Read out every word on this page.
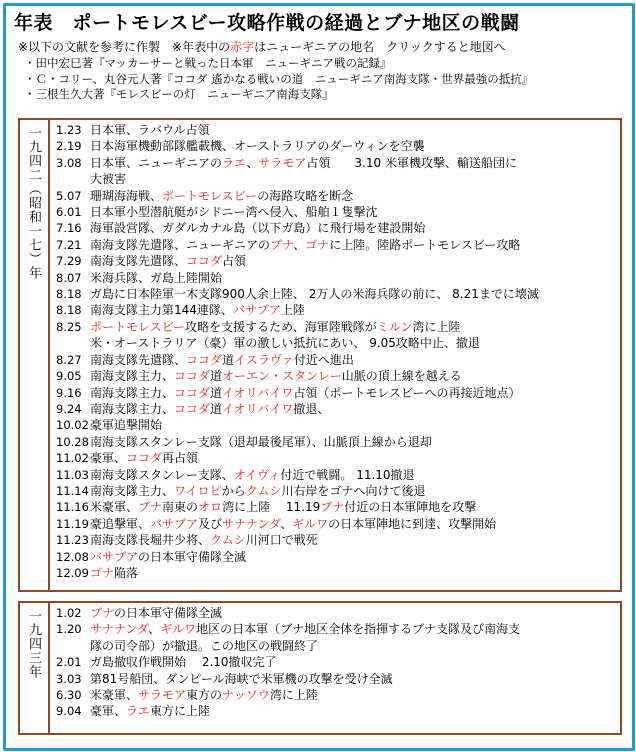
年表　ポートモレスビー攻略作戦の経過とブナ地区の戦闘
※以下の文献を参考に作製　※年表中の赤字はニューギニアの地名　クリックすると地図へ
・田中宏巳著『マッカーサーと戦った日本軍　ニューギニア戦の記録』
・Ｃ・コリー、丸谷元人著『ココダ 遙かなる戦いの道　ニューギニア南海支隊・世界最強の抵抗』
・三根生久大著『モレスビーの灯　ニューギニア南海支隊』
一九四二（昭和一七）年 1.23 日本軍、ラバウル占領
2.19 日本海軍機動部隊艦載機、オーストラリアのダーウィンを空襲
3.08 日本軍、ニューギニアのラエ、サラモア占領　　3.10 米軍機攻撃、輸送船団に
大被害
5.07 珊瑚海海戦、ポートモレスビーの海路攻略を断念
6.01 日本軍小型潜航艇がシドニー湾へ侵入、船舶１隻撃沈
7.16 海軍設営隊、ガダルカナル島（以下ガ島）に飛行場を建設開始
7.21 南海支隊先遣隊、ニューギニアのブナ、ゴナに上陸。陸路ポートモレスビー攻略
7.29 南海支隊先遣隊、ココダ占領
8.07 米海兵隊、ガ島上陸開始
8.18 ガ島に日本陸軍一木支隊900人余上陸、 2万人の米海兵隊の前に、 8.21までに壊滅
8.18 南海支隊主力第144連隊、バサブア上陸
8.25 ポートモレスビー攻略を支援するため、海軍陸戦隊がミルン湾に上陸
米・オーストラリア（豪）軍の激しい抵抗にあい、 9.05攻略中止、撤退
8.27 南海支隊先遣隊、ココダ道イスラヴァ付近へ進出
9.05 南海支隊主力、ココダ道オーエン・スタンレー山脈の頂上線を越える
9.16 南海支隊主力、ココダ道イオリバイワ占領（ポートモレスビーへの再接近地点）
9.24 南海支隊主力、ココダ道イオリバイワ撤退、
10.02 豪軍追撃開始
10.28 南海支隊スタンレー支隊（退却最後尾軍）、山脈頂上線から退却
11.02 豪軍、ココダ再占領
11.03 南海支隊スタンレー支隊、オイヴィ付近で戦闘。 11.10撤退
11.14 南海支隊主力、ワイロピからクムシ川右岸をゴナへ向けて後退
11.16 米豪軍、ブナ南東のオロ湾に上陸　 11.19ブナ付近の日本軍陣地を攻撃
11.19 豪追撃軍、バサブア及びサナナンダ、ギルワの日本軍陣地に到達、攻撃開始
11.23 南海支隊長堀井少将、クムシ川河口で戦死
12.08 バサブアの日本軍守備隊全滅
12.09 ゴナ陥落
一九四三年 1.02 ブナの日本軍守備隊全滅
1.20 サナナンダ、ギルワ地区の日本軍（ブナ地区全体を指揮するブナ支隊及び南海支
隊の司令部）が撤退。この地区の戦闘終了
2.01 ガ島撤収作戦開始　 2.10撤収完了
3.03 第81号船団、ダンピール海峡で米軍機の攻撃を受け全滅
6.30 米豪軍、サラモア東方のナッソウ湾に上陸
9.04 豪軍、ラエ東方に上陸
